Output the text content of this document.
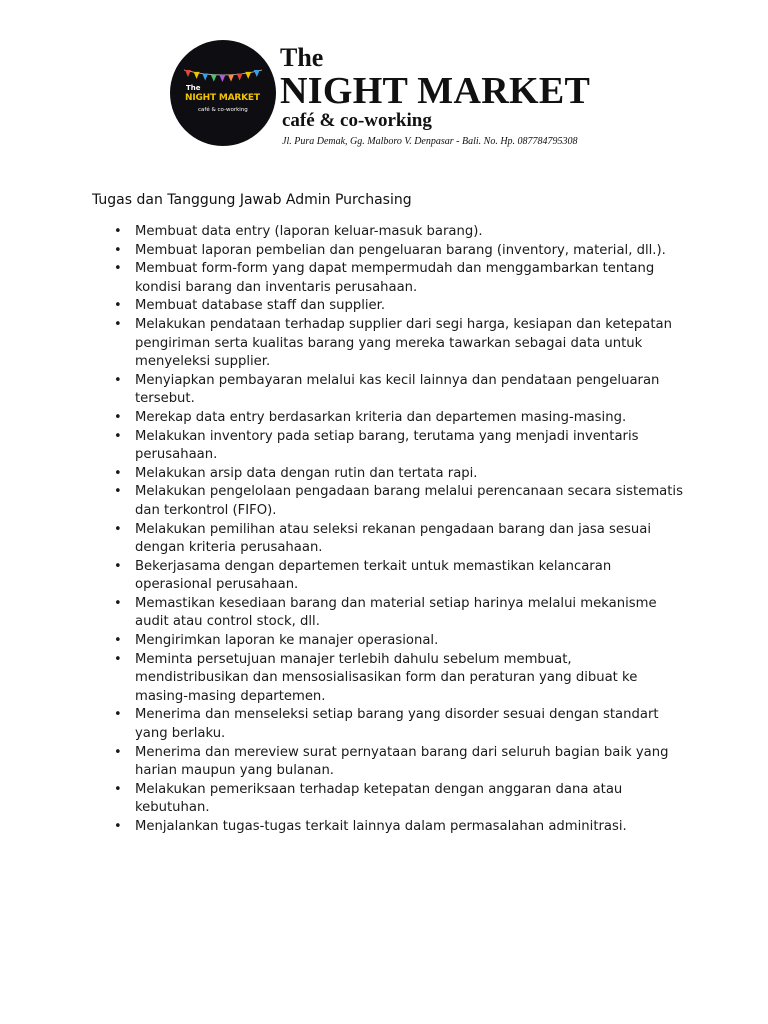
The
NIGHT MARKET
café & co-working
The
NIGHT MARKET
café & co-working
Jl. Pura Demak, Gg. Malboro V. Denpasar - Bali. No. Hp. 087784795308
Tugas dan Tanggung Jawab Admin Purchasing
• Membuat data entry (laporan keluar-masuk barang).
• Membuat laporan pembelian dan pengeluaran barang (inventory, material, dll.).
• Membuat form-form yang dapat mempermudah dan menggambarkan tentang kondisi barang dan inventaris perusahaan.
• Membuat database staff dan supplier.
• Melakukan pendataan terhadap supplier dari segi harga, kesiapan dan ketepatan pengiriman serta kualitas barang yang mereka tawarkan sebagai data untuk menyeleksi supplier.
• Menyiapkan pembayaran melalui kas kecil lainnya dan pendataan pengeluaran tersebut.
• Merekap data entry berdasarkan kriteria dan departemen masing-masing.
• Melakukan inventory pada setiap barang, terutama yang menjadi inventaris perusahaan.
• Melakukan arsip data dengan rutin dan tertata rapi.
• Melakukan pengelolaan pengadaan barang melalui perencanaan secara sistematis dan terkontrol (FIFO).
• Melakukan pemilihan atau seleksi rekanan pengadaan barang dan jasa sesuai dengan kriteria perusahaan.
• Bekerjasama dengan departemen terkait untuk memastikan kelancaran operasional perusahaan.
• Memastikan kesediaan barang dan material setiap harinya melalui mekanisme audit atau control stock, dll.
• Mengirimkan laporan ke manajer operasional.
• Meminta persetujuan manajer terlebih dahulu sebelum membuat, mendistribusikan dan mensosialisasikan form dan peraturan yang dibuat ke masing-masing departemen.
• Menerima dan menseleksi setiap barang yang disorder sesuai dengan standart yang berlaku.
• Menerima dan mereview surat pernyataan barang dari seluruh bagian baik yang harian maupun yang bulanan.
• Melakukan pemeriksaan terhadap ketepatan dengan anggaran dana atau kebutuhan.
• Menjalankan tugas-tugas terkait lainnya dalam permasalahan adminitrasi.
